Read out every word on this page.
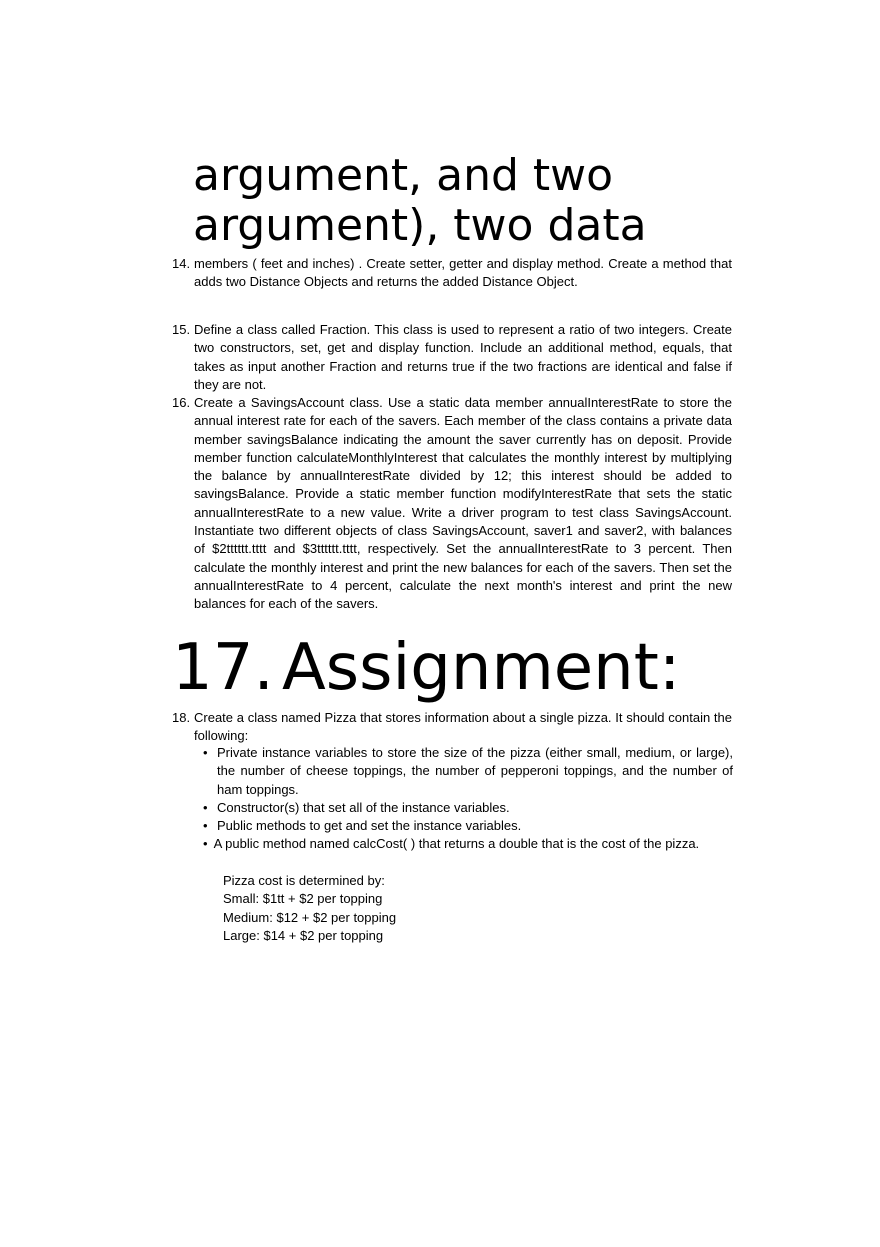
argument, and two
argument), two data
14. members ( feet and inches) . Create setter, getter and display method. Create a method that adds two Distance Objects and returns the added Distance Object.
15. Define a class called Fraction. This class is used to represent a ratio of two integers. Create two constructors, set, get and display function. Include an additional method, equals, that takes as input another Fraction and returns true if the two fractions are identical and false if they are not.
16. Create a SavingsAccount class. Use a static data member annualInterestRate to store the annual interest rate for each of the savers. Each member of the class contains a private data member savingsBalance indicating the amount the saver currently has on deposit. Provide member function calculateMonthlyInterest that calculates the monthly interest by multiplying the balance by annualInterestRate divided by 12; this interest should be added to savingsBalance. Provide a static member function modifyInterestRate that sets the static annualInterestRate to a new value. Write a driver program to test class SavingsAccount. Instantiate two different objects of class SavingsAccount, saver1 and saver2, with balances of $2tttttt.tttt and $3tttttt.tttt, respectively. Set the annualInterestRate to 3 percent. Then calculate the monthly interest and print the new balances for each of the savers. Then set the annualInterestRate to 4 percent, calculate the next month's interest and print the new balances for each of the savers.
17. Assignment:
18. Create a class named Pizza that stores information about a single pizza. It should contain the following:
• Private instance variables to store the size of the pizza (either small, medium, or large), the number of cheese toppings, the number of pepperoni toppings, and the number of ham toppings.
• Constructor(s) that set all of the instance variables.
• Public methods to get and set the instance variables.
• A public method named calcCost( ) that returns a double that is the cost of the pizza.
Pizza cost is determined by:
Small: $1tt + $2 per topping
Medium: $12 + $2 per topping
Large: $14 + $2 per topping
